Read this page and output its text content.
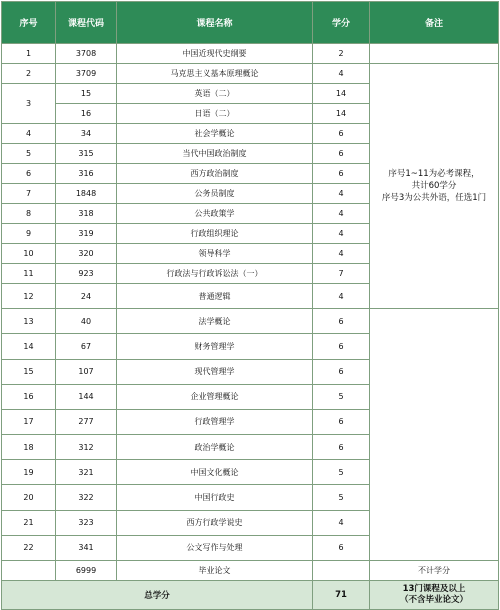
序号	课程代码	课程名称	学分	备注	
1	3708	中国近现代史纲要	2		
2	3709	马克思主义基本原理概论	4	序号1~11为必考课程，
共计60学分
序号3为公共外语，任选1门	

3	15	英语（二）	14		
	16	日语（二）	14		
4	34	社会学概论	6		
5	315	当代中国政治制度	6		
6	316	西方政治制度	6		
7	1848	公务员制度	4		
8	318	公共政策学	4		
9	319	行政组织理论	4		
10	320	领导科学	4		
11	923	行政法与行政诉讼法（一）	7		
12	24	普通逻辑	4	

13	40	法学概论	6		
14	67	财务管理学	6		
15	107	现代管理学	6		
16	144	企业管理概论	5		
17	277	行政管理学	6		
18	312	政治学概论	6		
19	321	中国文化概论	5		
20	322	中国行政史	5		
21	323	西方行政学说史	4		
22	341	公文写作与处理	6		
	6999	毕业论文		不计学分	
总学分			71	13门课程及以上
（不含毕业论文）	
